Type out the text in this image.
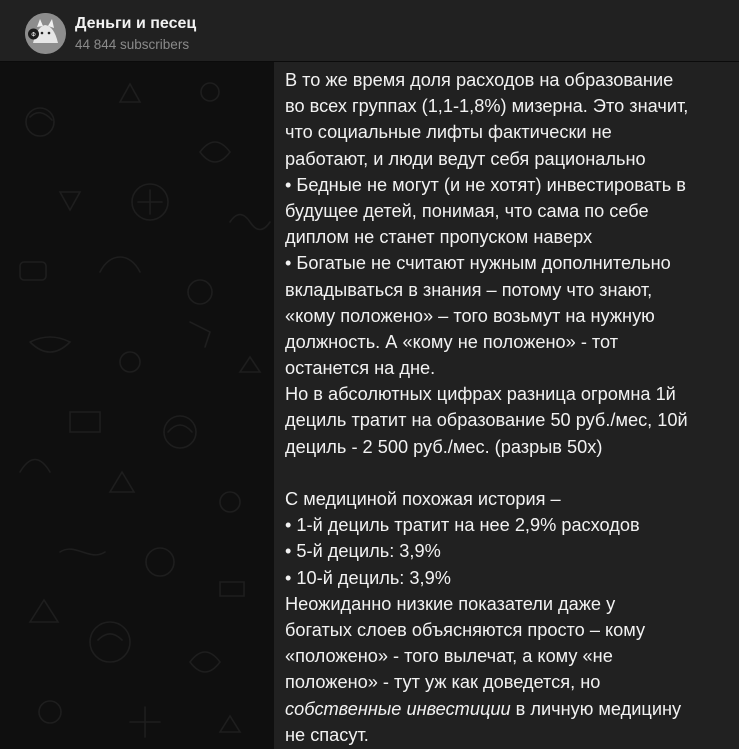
Ф
Деньги и песец
44 844 subscribers
В то же время доля расходов на образование
во всех группах (1,1-1,8%) мизерна. Это значит,
что социальные лифты фактически не
работают, и люди ведут себя рационально
• Бедные не могут (и не хотят) инвестировать в
будущее детей, понимая, что сама по себе
диплом не станет пропуском наверх
• Богатые не считают нужным дополнительно
вкладываться в знания – потому что знают,
«кому положено» – того возьмут на нужную
должность. А «кому не положено» - тот
останется на дне.
Но в абсолютных цифрах разница огромна 1й
дециль тратит на образование 50 руб./мес, 10й
дециль - 2 500 руб./мес. (разрыв 50х)
С медициной похожая история –
• 1-й дециль тратит на нее 2,9% расходов
• 5-й дециль: 3,9%
• 10-й дециль: 3,9%
Неожиданно низкие показатели даже у
богатых слоев объясняются просто – кому
«положено» - того вылечат, а кому «не
положено» - тут уж как доведется, но
собственные инвестиции в личную медицину
не спасут.
